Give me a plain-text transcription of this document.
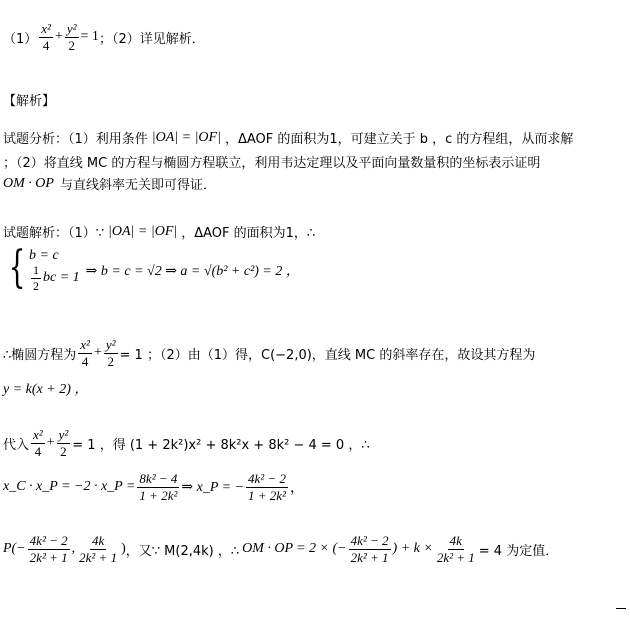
$(1) \frac{\text{x²}}{4} + \frac{\text{y²}}{2} = 1$ ；（2）详见解析．
【解析】
试题分析：（1）利用条件 |OA| = |OF| ，ΔAOF 的面积为1，可建立关于 b ，c 的方程组，从而求解
；（2）将直线 MC 的方程与椭圆方程联立，利用韦达定理以及平面向量数量积的坐标表示证明
OM · OP 与直线斜率无关即可得证．
试题解析：（1）∵ |OA| = |OF| ，ΔAOF 的面积为1，∴
{ b = c
$\frac{1}{2}$ bc = 1 ⇒ b = c = √2 ⇒ a = √(b² + c²) = 2 ，
∴椭圆方程为 $\frac{\text{x²}}{4} + \frac{\text{y²}}{2} = 1$ ；（2）由（1）得，C(−2,0)，直线 MC 的斜率存在，故设其方程为
y = k(x + 2) ，
代入 $\frac{\text{x²}}{4} + \frac{\text{y²}}{2} = 1$ ，得 (1 + 2k²)x² + 8k²x + 8k² − 4 = 0 ，∴
x_C · x_P = −2 · x_P = $\frac{\text{8k² − 4}}{\text{1 + 2k²}}$ ⇒ x_P = − $\frac{\text{4k² − 2}}{\text{1 + 2k²}}$ ，
$P(- \frac{\text{4k² − 2}}{\text{2k² + 1}}$ , $\frac{4k}{\text{2k² + 1}}$ ) ，又∵ M(2,4k) ，∴ OM · OP = 2 × (− $\frac{\text{4k² − 2}}{\text{2k² + 1}}$ ) + $k \times \frac{4k}{\text{2k² + 1}} = 4$ 为定值．
